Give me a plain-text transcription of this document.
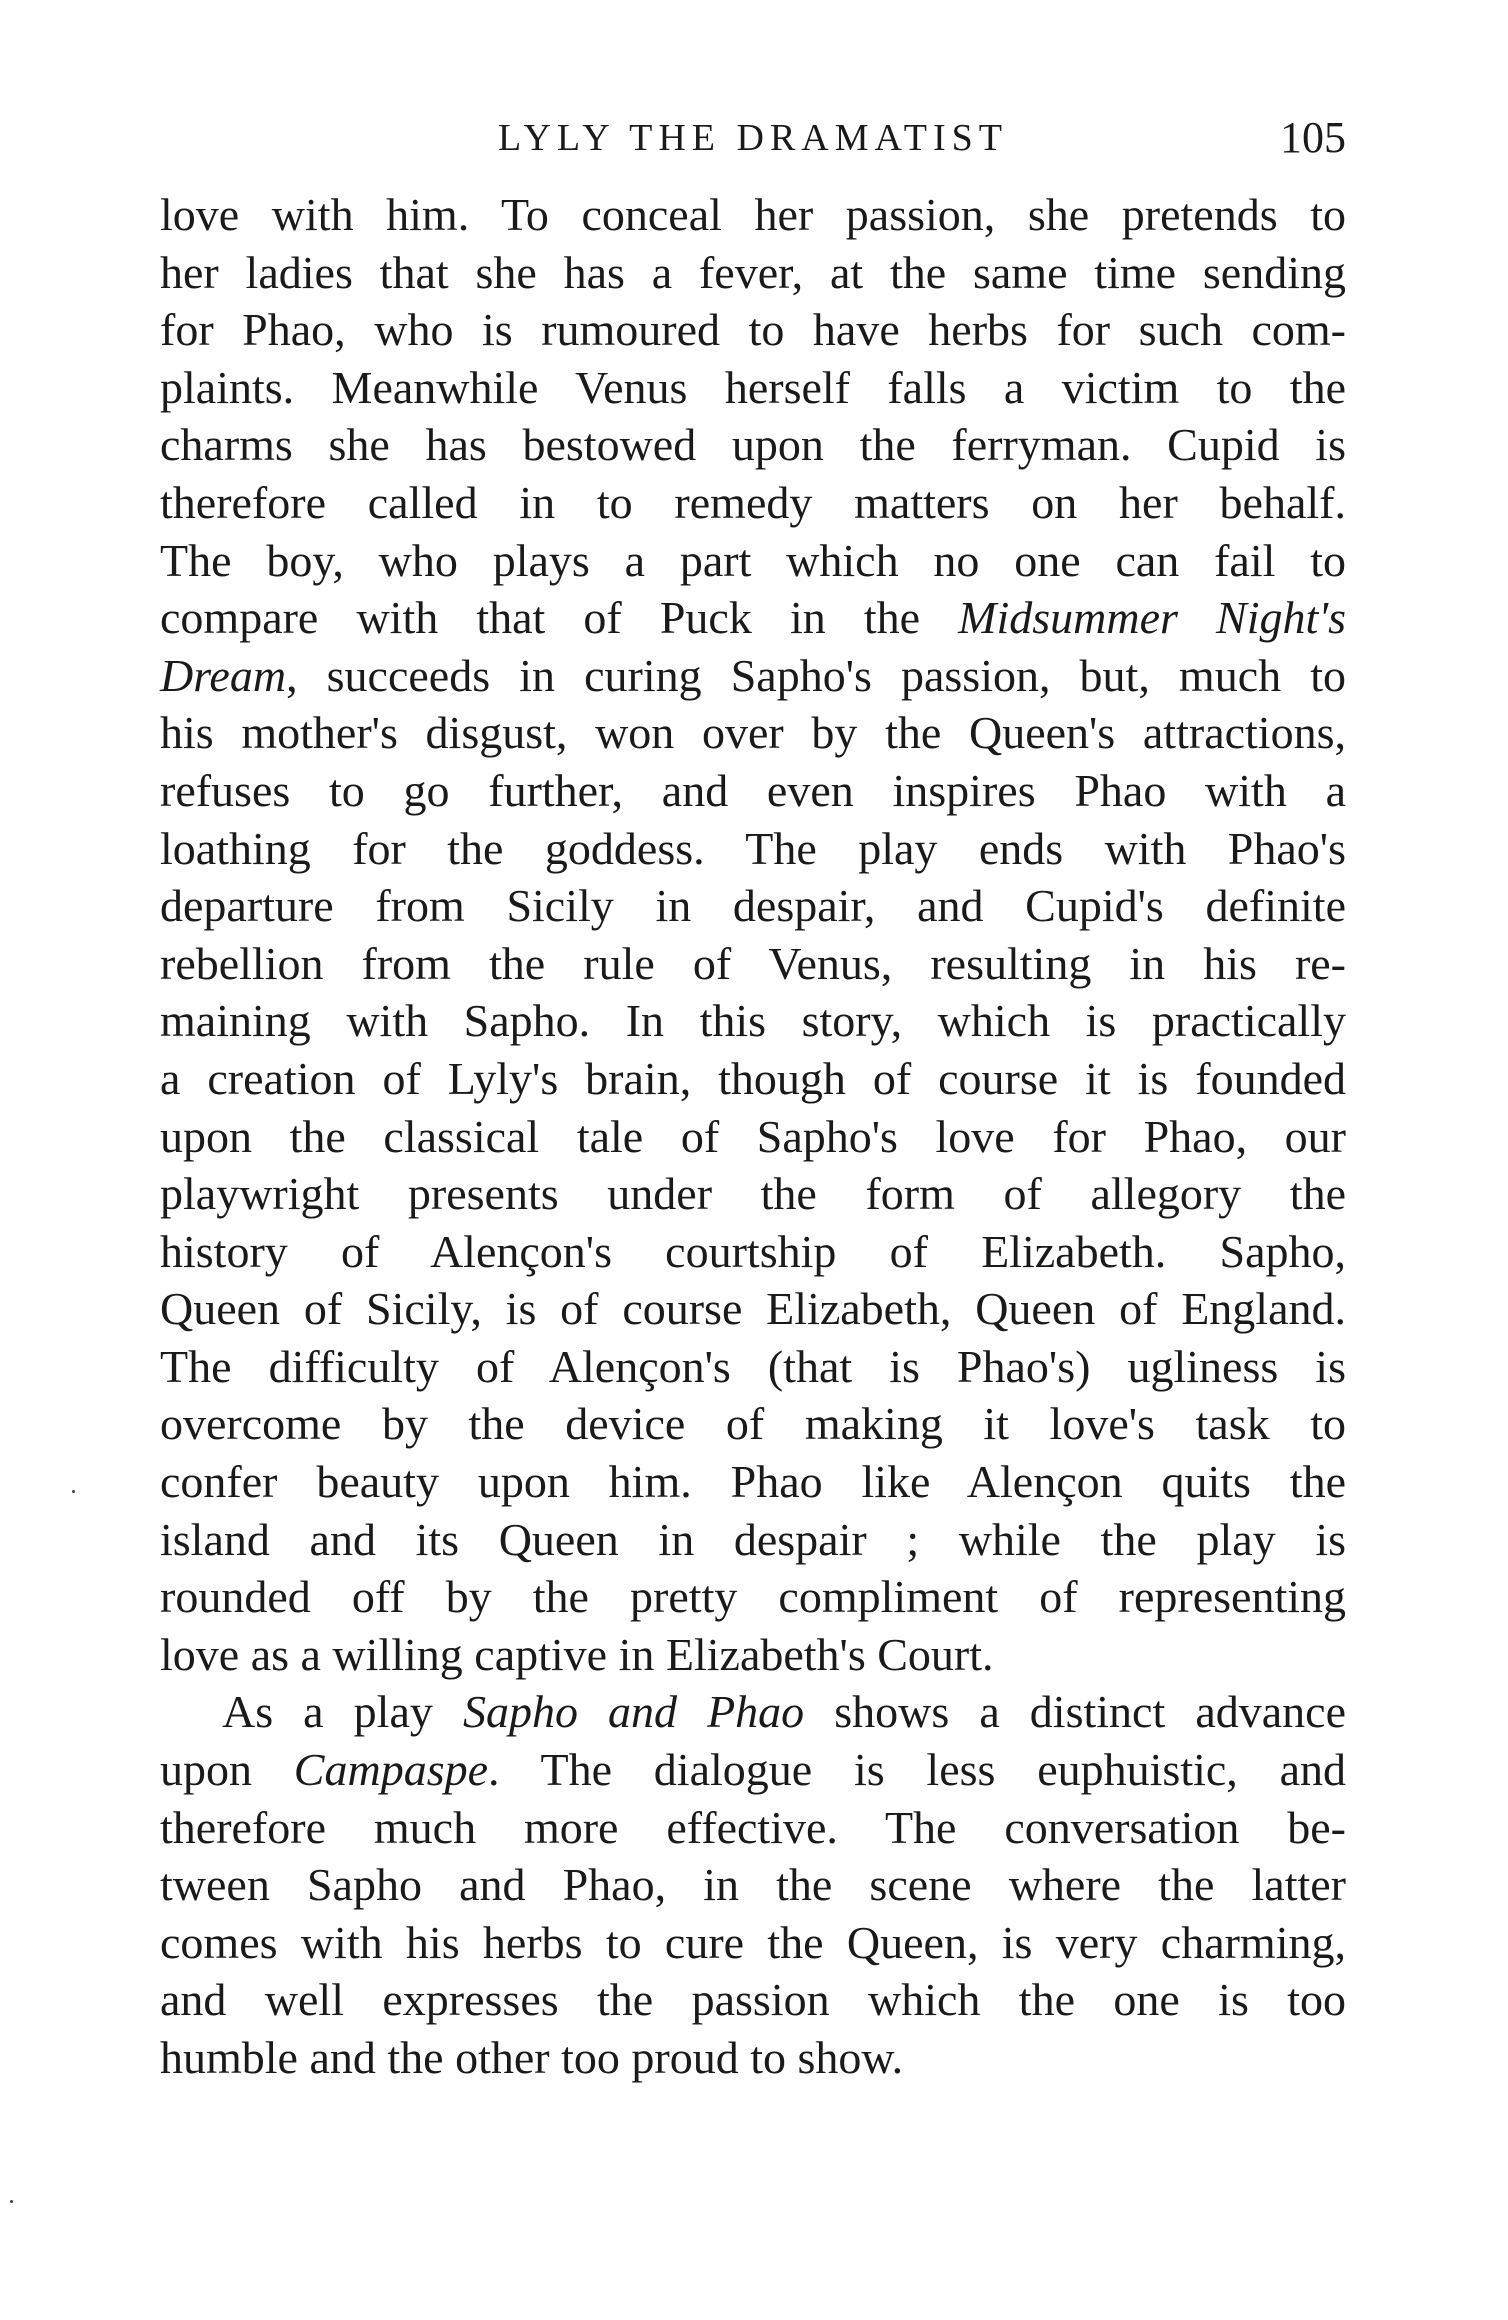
LYLY THE DRAMATIST	105
love with him. To conceal her passion, she pretends to
her ladies that she has a fever, at the same time sending
for Phao, who is rumoured to have herbs for such com-
plaints. Meanwhile Venus herself falls a victim to the
charms she has bestowed upon the ferryman. Cupid is
therefore called in to remedy matters on her behalf.
The boy, who plays a part which no one can fail to
compare with that of Puck in the Midsummer Night's
Dream, succeeds in curing Sapho's passion, but, much to
his mother's disgust, won over by the Queen's attractions,
refuses to go further, and even inspires Phao with a
loathing for the goddess. The play ends with Phao's
departure from Sicily in despair, and Cupid's definite
rebellion from the rule of Venus, resulting in his re-
maining with Sapho. In this story, which is practically
a creation of Lyly's brain, though of course it is founded
upon the classical tale of Sapho's love for Phao, our
playwright presents under the form of allegory the
history of Alençon's courtship of Elizabeth. Sapho,
Queen of Sicily, is of course Elizabeth, Queen of England.
The difficulty of Alençon's (that is Phao's) ugliness is
overcome by the device of making it love's task to
confer beauty upon him. Phao like Alençon quits the
island and its Queen in despair ; while the play is
rounded off by the pretty compliment of representing
love as a willing captive in Elizabeth's Court.
As a play Sapho and Phao shows a distinct advance
upon Campaspe. The dialogue is less euphuistic, and
therefore much more effective. The conversation be-
tween Sapho and Phao, in the scene where the latter
comes with his herbs to cure the Queen, is very charming,
and well expresses the passion which the one is too
humble and the other too proud to show.
